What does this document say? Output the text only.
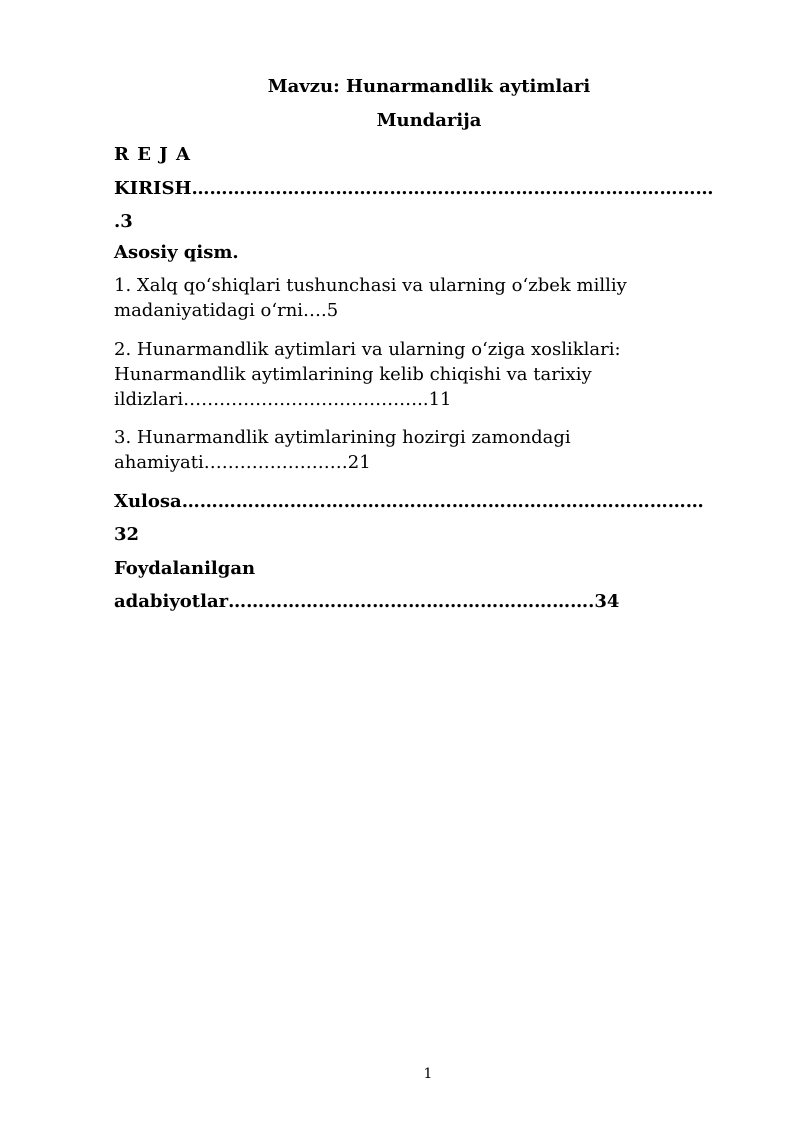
Mavzu: Hunarmandlik aytimlari
Mundarija
R E J A
KIRISH……………………………………………………………………………
.3
Asosiy qism.
1. Xalq qoʻshiqlari tushunchasi va ularning oʻzbek milliy
madaniyatidagi oʻrni….5
2. Hunarmandlik aytimlari va ularning oʻziga xosliklari:
Hunarmandlik aytimlarining kelib chiqishi va tarixiy
ildizlari…………………………………..11
3. Hunarmandlik aytimlarining hozirgi zamondagi
ahamiyati……………………21
Xulosa……………………………………………………………………………
32
Foydalanilgan
adabiyotlar…………………………………………………….34
1
